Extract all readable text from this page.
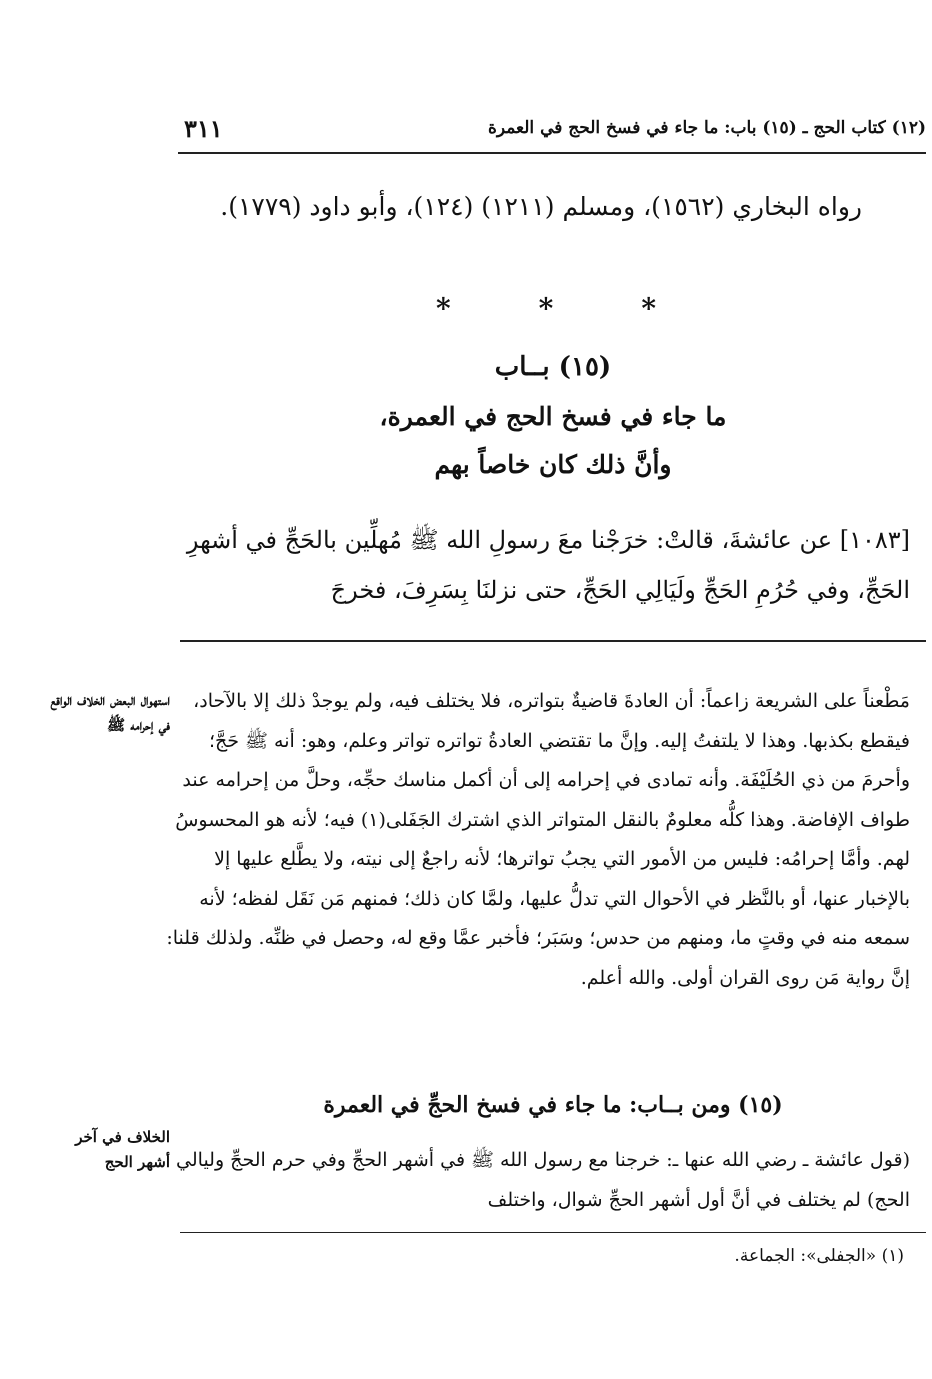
٣١١	(١٢) كتاب الحج ـ (١٥) باب: ما جاء في فسخ الحج في العمرة
رواه البخاري (١٥٦٢)، ومسلم (١٢١١) (١٢٤)، وأبو داود (١٧٧٩).
*	*	*
(١٥) بــاب
ما جاء في فسخ الحج في العمرة،
وأنَّ ذلك كان خاصاً بهم
[١٠٨٣] عن عائشةَ، قالتْ: خرَجْنا معَ رسولِ الله ﷺ مُهلِّين بالحَجِّ في أشهرِ الحَجِّ، وفي حُرُمِ الحَجِّ ولَيَالِي الحَجِّ، حتى نزلنَا بِسَرِفَ، فخرجَ
استهوال البعض الخلاف الواقع في إحرامه ﷺ
مَطْعناً على الشريعة زاعماً: أن العادةَ قاضيةٌ بتواتره، فلا يختلف فيه، ولم يوجدْ ذلك إلا بالآحاد، فيقطع بكذبها. وهذا لا يلتفتُ إليه. وإنَّ ما تقتضي العادةُ تواتره تواتر وعلم، وهو: أنه ﷺ حَجَّ؛ وأحرمَ من ذي الحُلَيْفَة. وأنه تمادى في إحرامه إلى أن أكمل مناسك حجِّه، وحلَّ من إحرامه عند طواف الإفاضة. وهذا كلُّه معلومٌ بالنقل المتواتر الذي اشترك الجَفَلى(١) فيه؛ لأنه هو المحسوسُ لهم. وأمَّا إحرامُه: فليس من الأمور التي يجبُ تواترها؛ لأنه راجعٌ إلى نيته، ولا يطَّلع عليها إلا بالإخبار عنها، أو بالنَّظر في الأحوال التي تدلُّ عليها، ولمَّا كان ذلك؛ فمنهم مَن نَقَل لفظه؛ لأنه سمعه منه في وقتٍ ما، ومنهم من حدس؛ وسَبَر؛ فأخبر عمَّا وقع له، وحصل في ظنِّه. ولذلك قلنا: إنَّ رواية مَن روى القران أولى. والله أعلم.
(١٥) ومن بــاب: ما جاء في فسخ الحجِّ في العمرة
الخلاف في آخر أشهر الحج (قول عائشة ـ رضي الله عنها ـ: خرجنا مع رسول الله ﷺ في أشهر الحجِّ وفي حرم الحجِّ وليالي الحج) لم يختلف في أنَّ أول أشهر الحجِّ شوال، واختلف
(١) «الجفلى»: الجماعة.
